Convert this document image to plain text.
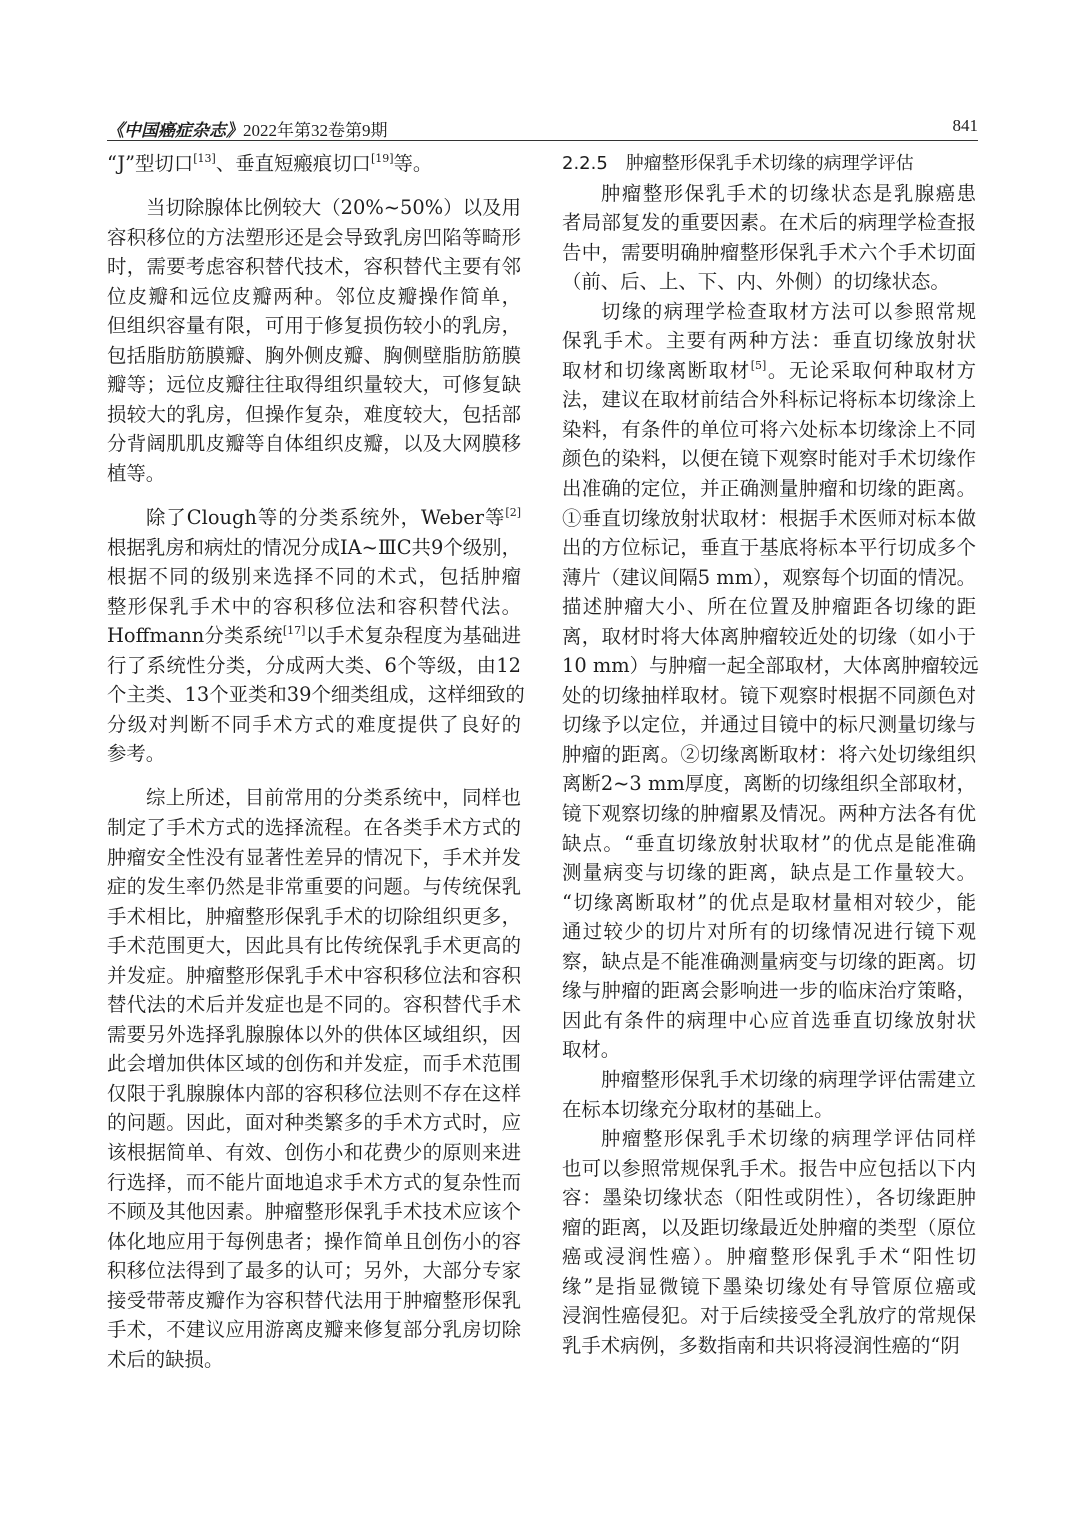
《中国癌症杂志》2022年第32卷第9期	841
“J”型切口[13]、垂直短瘢痕切口[19]等。
当切除腺体比例较大（20%~50%）以及用
容积移位的方法塑形还是会导致乳房凹陷等畸形
时，需要考虑容积替代技术，容积替代主要有邻
位皮瓣和远位皮瓣两种。邻位皮瓣操作简单，
但组织容量有限，可用于修复损伤较小的乳房，
包括脂肪筋膜瓣、胸外侧皮瓣、胸侧壁脂肪筋膜
瓣等；远位皮瓣往往取得组织量较大，可修复缺
损较大的乳房，但操作复杂，难度较大，包括部
分背阔肌肌皮瓣等自体组织皮瓣，以及大网膜移
植等。
除了Clough等的分类系统外，Weber等[2]
根据乳房和病灶的情况分成IA~ⅢC共9个级别，
根据不同的级别来选择不同的术式，包括肿瘤
整形保乳手术中的容积移位法和容积替代法。
Hoffmann分类系统[17]以手术复杂程度为基础进
行了系统性分类，分成两大类、6个等级，由12
个主类、13个亚类和39个细类组成，这样细致的
分级对判断不同手术方式的难度提供了良好的
参考。
综上所述，目前常用的分类系统中，同样也
制定了手术方式的选择流程。在各类手术方式的
肿瘤安全性没有显著性差异的情况下，手术并发
症的发生率仍然是非常重要的问题。与传统保乳
手术相比，肿瘤整形保乳手术的切除组织更多，
手术范围更大，因此具有比传统保乳手术更高的
并发症。肿瘤整形保乳手术中容积移位法和容积
替代法的术后并发症也是不同的。容积替代手术
需要另外选择乳腺腺体以外的供体区域组织，因
此会增加供体区域的创伤和并发症，而手术范围
仅限于乳腺腺体内部的容积移位法则不存在这样
的问题。因此，面对种类繁多的手术方式时，应
该根据简单、有效、创伤小和花费少的原则来进
行选择，而不能片面地追求手术方式的复杂性而
不顾及其他因素。肿瘤整形保乳手术技术应该个
体化地应用于每例患者；操作简单且创伤小的容
积移位法得到了最多的认可；另外，大部分专家
接受带蒂皮瓣作为容积替代法用于肿瘤整形保乳
手术，不建议应用游离皮瓣来修复部分乳房切除
术后的缺损。
2.2.5　肿瘤整形保乳手术切缘的病理学评估
肿瘤整形保乳手术的切缘状态是乳腺癌患
者局部复发的重要因素。在术后的病理学检查报
告中，需要明确肿瘤整形保乳手术六个手术切面
（前、后、上、下、内、外侧）的切缘状态。
切缘的病理学检查取材方法可以参照常规
保乳手术。主要有两种方法：垂直切缘放射状
取材和切缘离断取材[5]。无论采取何种取材方
法，建议在取材前结合外科标记将标本切缘涂上
染料，有条件的单位可将六处标本切缘涂上不同
颜色的染料，以便在镜下观察时能对手术切缘作
出准确的定位，并正确测量肿瘤和切缘的距离。
①垂直切缘放射状取材：根据手术医师对标本做
出的方位标记，垂直于基底将标本平行切成多个
薄片（建议间隔5 mm），观察每个切面的情况。
描述肿瘤大小、所在位置及肿瘤距各切缘的距
离，取材时将大体离肿瘤较近处的切缘（如小于
10 mm）与肿瘤一起全部取材，大体离肿瘤较远
处的切缘抽样取材。镜下观察时根据不同颜色对
切缘予以定位，并通过目镜中的标尺测量切缘与
肿瘤的距离。②切缘离断取材：将六处切缘组织
离断2~3 mm厚度，离断的切缘组织全部取材，
镜下观察切缘的肿瘤累及情况。两种方法各有优
缺点。“垂直切缘放射状取材”的优点是能准确
测量病变与切缘的距离，缺点是工作量较大。
“切缘离断取材”的优点是取材量相对较少，能
通过较少的切片对所有的切缘情况进行镜下观
察，缺点是不能准确测量病变与切缘的距离。切
缘与肿瘤的距离会影响进一步的临床治疗策略，
因此有条件的病理中心应首选垂直切缘放射状
取材。
肿瘤整形保乳手术切缘的病理学评估需建立
在标本切缘充分取材的基础上。
肿瘤整形保乳手术切缘的病理学评估同样
也可以参照常规保乳手术。报告中应包括以下内
容：墨染切缘状态（阳性或阴性），各切缘距肿
瘤的距离，以及距切缘最近处肿瘤的类型（原位
癌或浸润性癌）。肿瘤整形保乳手术“阳性切
缘”是指显微镜下墨染切缘处有导管原位癌或
浸润性癌侵犯。对于后续接受全乳放疗的常规保
乳手术病例，多数指南和共识将浸润性癌的“阴
